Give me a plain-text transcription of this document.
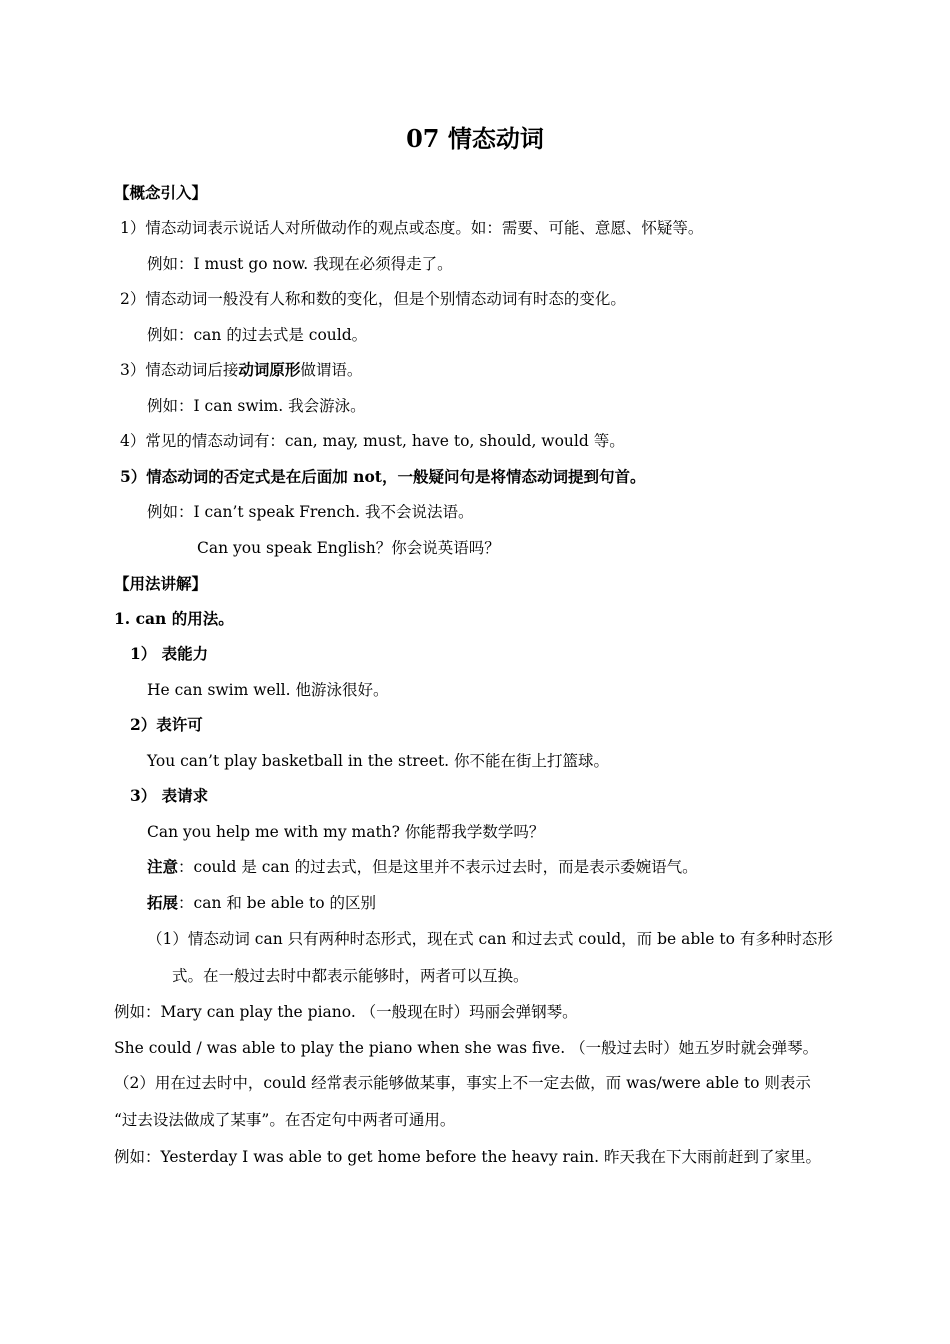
07 情态动词
【概念引入】
1）情态动词表示说话人对所做动作的观点或态度。如：需要、可能、意愿、怀疑等。
例如：I must go now. 我现在必须得走了。
2）情态动词一般没有人称和数的变化，但是个别情态动词有时态的变化。
例如：can 的过去式是 could。
3）情态动词后接动词原形做谓语。
例如：I can swim. 我会游泳。
4）常见的情态动词有：can, may, must, have to, should, would 等。
5）情态动词的否定式是在后面加 not，一般疑问句是将情态动词提到句首。
例如：I can’t speak French. 我不会说法语。
Can you speak English？你会说英语吗？
【用法讲解】
1. can 的用法。
1） 表能力
He can swim well. 他游泳很好。
2）表许可
You can’t play basketball in the street. 你不能在街上打篮球。
3） 表请求
Can you help me with my math? 你能帮我学数学吗？
注意：could 是 can 的过去式，但是这里并不表示过去时，而是表示委婉语气。
拓展：can 和 be able to 的区别
（1）情态动词 can 只有两种时态形式，现在式 can 和过去式 could，而 be able to 有多种时态形
式。在一般过去时中都表示能够时，两者可以互换。
例如：Mary can play the piano. （一般现在时）玛丽会弹钢琴。
She could / was able to play the piano when she was five. （一般过去时）她五岁时就会弹琴。
（2）用在过去时中，could 经常表示能够做某事，事实上不一定去做，而 was/were able to 则表示
“过去设法做成了某事”。在否定句中两者可通用。
例如：Yesterday I was able to get home before the heavy rain. 昨天我在下大雨前赶到了家里。
